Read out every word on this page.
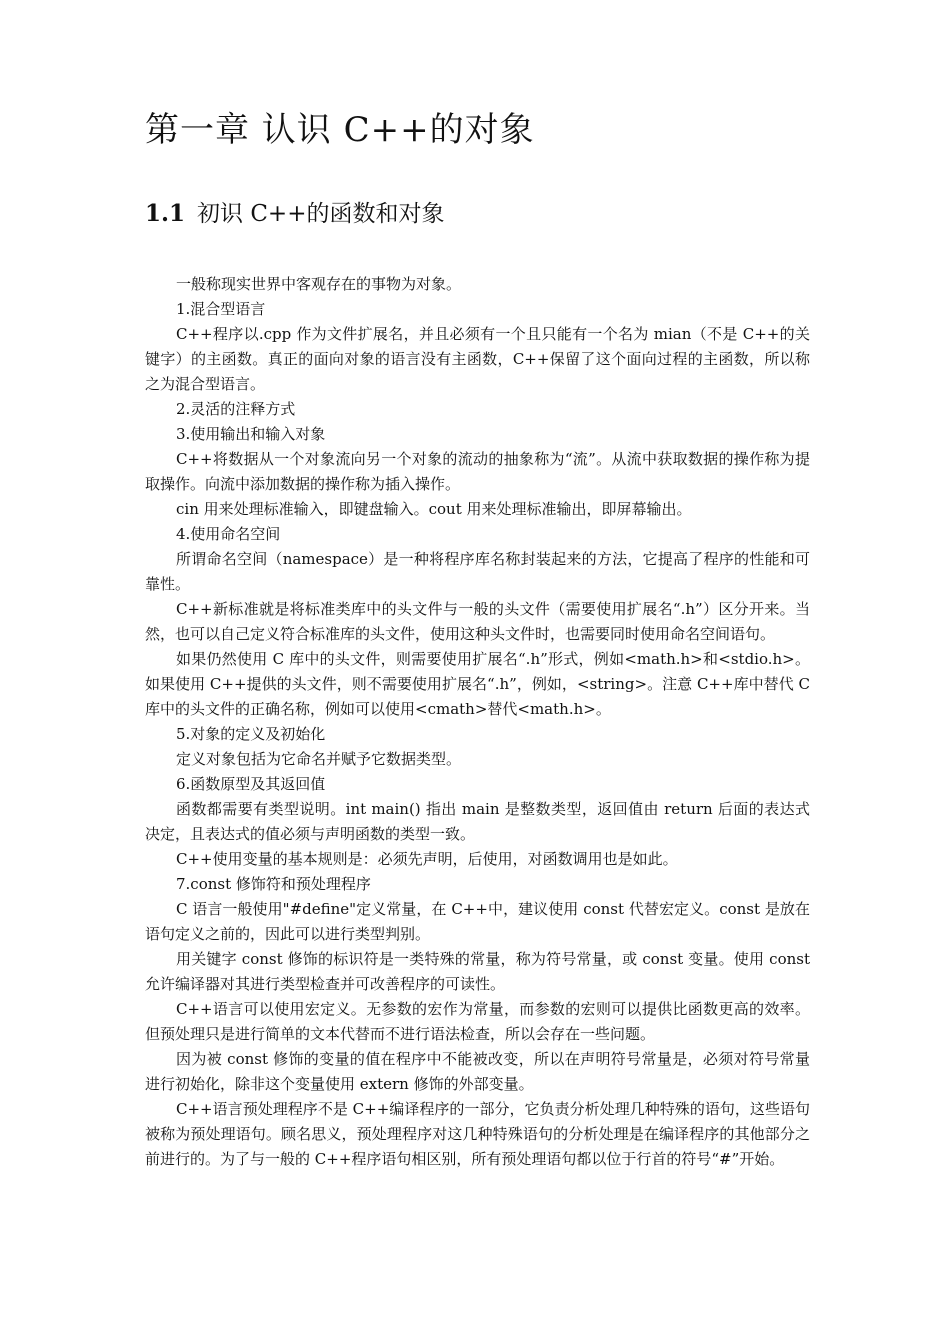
第一章 认识 C++的对象
1.1 初识 C++的函数和对象

一般称现实世界中客观存在的事物为对象。

1.混合型语言

C++程序以.cpp 作为文件扩展名，并且必须有一个且只能有一个名为 mian（不是 C++的关键字）的主函数。真正的面向对象的语言没有主函数，C++保留了这个面向过程的主函数，所以称之为混合型语言。

2.灵活的注释方式

3.使用输出和输入对象

C++将数据从一个对象流向另一个对象的流动的抽象称为“流”。从流中获取数据的操作称为提取操作。向流中添加数据的操作称为插入操作。

cin 用来处理标准输入，即键盘输入。cout 用来处理标准输出，即屏幕输出。

4.使用命名空间

所谓命名空间（namespace）是一种将程序库名称封装起来的方法，它提高了程序的性能和可靠性。

C++新标准就是将标准类库中的头文件与一般的头文件（需要使用扩展名“.h”）区分开来。当然，也可以自己定义符合标准库的头文件，使用这种头文件时，也需要同时使用命名空间语句。

如果仍然使用 C 库中的头文件，则需要使用扩展名“.h”形式，例如<math.h>和<stdio.h>。如果使用 C++提供的头文件，则不需要使用扩展名“.h”，例如，<string>。注意 C++库中替代 C 库中的头文件的正确名称，例如可以使用<cmath>替代<math.h>。

5.对象的定义及初始化

定义对象包括为它命名并赋予它数据类型。

6.函数原型及其返回值

函数都需要有类型说明。int main() 指出 main 是整数类型，返回值由 return 后面的表达式决定，且表达式的值必须与声明函数的类型一致。

C++使用变量的基本规则是：必须先声明，后使用，对函数调用也是如此。

7.const 修饰符和预处理程序

C 语言一般使用"#define"定义常量，在 C++中，建议使用 const 代替宏定义。const 是放在语句定义之前的，因此可以进行类型判别。

用关键字 const 修饰的标识符是一类特殊的常量，称为符号常量，或 const 变量。使用 const 允许编译器对其进行类型检查并可改善程序的可读性。

C++语言可以使用宏定义。无参数的宏作为常量，而参数的宏则可以提供比函数更高的效率。但预处理只是进行简单的文本代替而不进行语法检查，所以会存在一些问题。

因为被 const 修饰的变量的值在程序中不能被改变，所以在声明符号常量是，必须对符号常量进行初始化，除非这个变量使用 extern 修饰的外部变量。

C++语言预处理程序不是 C++编译程序的一部分，它负责分析处理几种特殊的语句，这些语句被称为预处理语句。顾名思义，预处理程序对这几种特殊语句的分析处理是在编译程序的其他部分之前进行的。为了与一般的 C++程序语句相区别，所有预处理语句都以位于行首的符号“#”开始。
